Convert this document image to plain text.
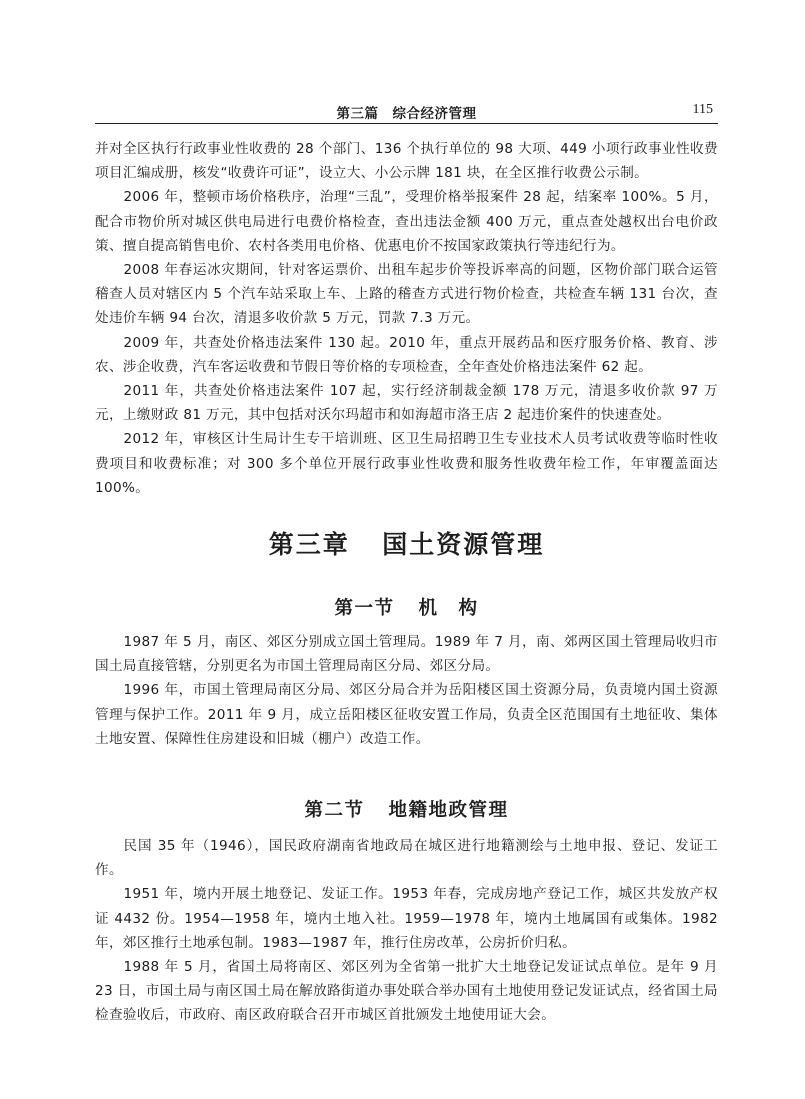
第三篇　综合经济管理	115

并对全区执行行政事业性收费的 28 个部门、136 个执行单位的 98 大项、449 小项行政事业性收费项目汇编成册，核发“收费许可证”，设立大、小公示牌 181 块，在全区推行收费公示制。

2006 年，整顿市场价格秩序，治理“三乱”，受理价格举报案件 28 起，结案率 100%。5 月，配合市物价所对城区供电局进行电费价格检查，查出违法金额 400 万元，重点查处越权出台电价政策、擅自提高销售电价、农村各类用电价格、优惠电价不按国家政策执行等违纪行为。

2008 年春运冰灾期间，针对客运票价、出租车起步价等投诉率高的问题，区物价部门联合运管稽查人员对辖区内 5 个汽车站采取上车、上路的稽查方式进行物价检查，共检查车辆 131 台次，查处违价车辆 94 台次，清退多收价款 5 万元，罚款 7.3 万元。

2009 年，共查处价格违法案件 130 起。2010 年，重点开展药品和医疗服务价格、教育、涉农、涉企收费，汽车客运收费和节假日等价格的专项检查，全年查处价格违法案件 62 起。

2011 年，共查处价格违法案件 107 起，实行经济制裁金额 178 万元，清退多收价款 97 万元，上缴财政 81 万元，其中包括对沃尔玛超市和如海超市洛王店 2 起违价案件的快速查处。

2012 年，审核区计生局计生专干培训班、区卫生局招聘卫生专业技术人员考试收费等临时性收费项目和收费标准；对 300 多个单位开展行政事业性收费和服务性收费年检工作，年审覆盖面达 100%。

第三章 国土资源管理
第一节 机　构

1987 年 5 月，南区、郊区分别成立国土管理局。1989 年 7 月，南、郊两区国土管理局收归市国土局直接管辖，分别更名为市国土管理局南区分局、郊区分局。

1996 年，市国土管理局南区分局、郊区分局合并为岳阳楼区国土资源分局，负责境内国土资源管理与保护工作。2011 年 9 月，成立岳阳楼区征收安置工作局，负责全区范围国有土地征收、集体土地安置、保障性住房建设和旧城（棚户）改造工作。

第二节 地籍地政管理

民国 35 年（1946），国民政府湖南省地政局在城区进行地籍测绘与土地申报、登记、发证工作。

1951 年，境内开展土地登记、发证工作。1953 年春，完成房地产登记工作，城区共发放产权证 4432 份。1954—1958 年，境内土地入社。1959—1978 年，境内土地属国有或集体。1982 年，郊区推行土地承包制。1983—1987 年，推行住房改革，公房折价归私。

1988 年 5 月，省国土局将南区、郊区列为全省第一批扩大土地登记发证试点单位。是年 9 月 23 日，市国土局与南区国土局在解放路街道办事处联合举办国有土地使用登记发证试点，经省国土局检查验收后，市政府、南区政府联合召开市城区首批颁发土地使用证大会。
